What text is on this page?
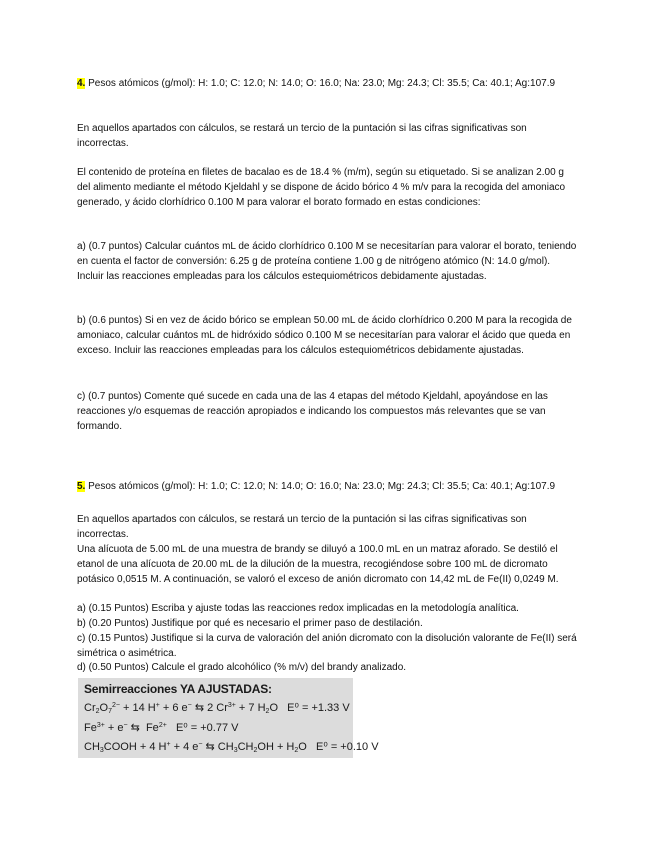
4. Pesos atómicos (g/mol): H: 1.0; C: 12.0; N: 14.0; O: 16.0; Na: 23.0; Mg: 24.3; Cl: 35.5; Ca: 40.1; Ag:107.9

En aquellos apartados con cálculos, se restará un tercio de la puntación si las cifras significativas son incorrectas.

El contenido de proteína en filetes de bacalao es de 18.4 % (m/m), según su etiquetado. Si se analizan 2.00 g del alimento mediante el método Kjeldahl y se dispone de ácido bórico 4 % m/v para la recogida del amoniaco generado, y ácido clorhídrico 0.100 M para valorar el borato formado en estas condiciones:

a) (0.7 puntos) Calcular cuántos mL de ácido clorhídrico 0.100 M se necesitarían para valorar el borato, teniendo en cuenta el factor de conversión: 6.25 g de proteína contiene 1.00 g de nitrógeno atómico (N: 14.0 g/mol). Incluir las reacciones empleadas para los cálculos estequiométricos debidamente ajustadas.

b) (0.6 puntos) Si en vez de ácido bórico se emplean 50.00 mL de ácido clorhídrico 0.200 M para la recogida de amoniaco, calcular cuántos mL de hidróxido sódico 0.100 M se necesitarían para valorar el ácido que queda en exceso. Incluir las reacciones empleadas para los cálculos estequiométricos debidamente ajustadas.

c) (0.7 puntos) Comente qué sucede en cada una de las 4 etapas del método Kjeldahl, apoyándose en las reacciones y/o esquemas de reacción apropiados e indicando los compuestos más relevantes que se van formando.

5. Pesos atómicos (g/mol): H: 1.0; C: 12.0; N: 14.0; O: 16.0; Na: 23.0; Mg: 24.3; Cl: 35.5; Ca: 40.1; Ag:107.9

En aquellos apartados con cálculos, se restará un tercio de la puntación si las cifras significativas son incorrectas.

Una alícuota de 5.00 mL de una muestra de brandy se diluyó a 100.0 mL en un matraz aforado. Se destiló el etanol de una alícuota de 20.00 mL de la dilución de la muestra, recogiéndose sobre 100 mL de dicromato potásico 0,0515 M. A continuación, se valoró el exceso de anión dicromato con 14,42 mL de Fe(II) 0,0249 M.

a) (0.15 Puntos) Escriba y ajuste todas las reacciones redox implicadas en la metodología analítica.

b) (0.20 Puntos) Justifique por qué es necesario el primer paso de destilación.

c) (0.15 Puntos) Justifique si la curva de valoración del anión dicromato con la disolución valorante de Fe(II) será simétrica o asimétrica.

d) (0.50 Puntos) Calcule el grado alcohólico (% m/v) del brandy analizado.

Semirreacciones YA AJUSTADAS:
$Cr_2O_7^{2-} + 14$ H+ + 6 e− ⇆ 2 $Cr^{3+} + 7$ $H_2O$   E⁰ = +1.33 V
$Fe^{3+} + e^-$ ⇆  $Fe^{2+}$ E⁰ = +0.77 V
$CH_3COOH + 4$ H+ + 4 e− ⇆ $CH_3CH_2OH + H_2O$   E⁰ = +0.10 V
